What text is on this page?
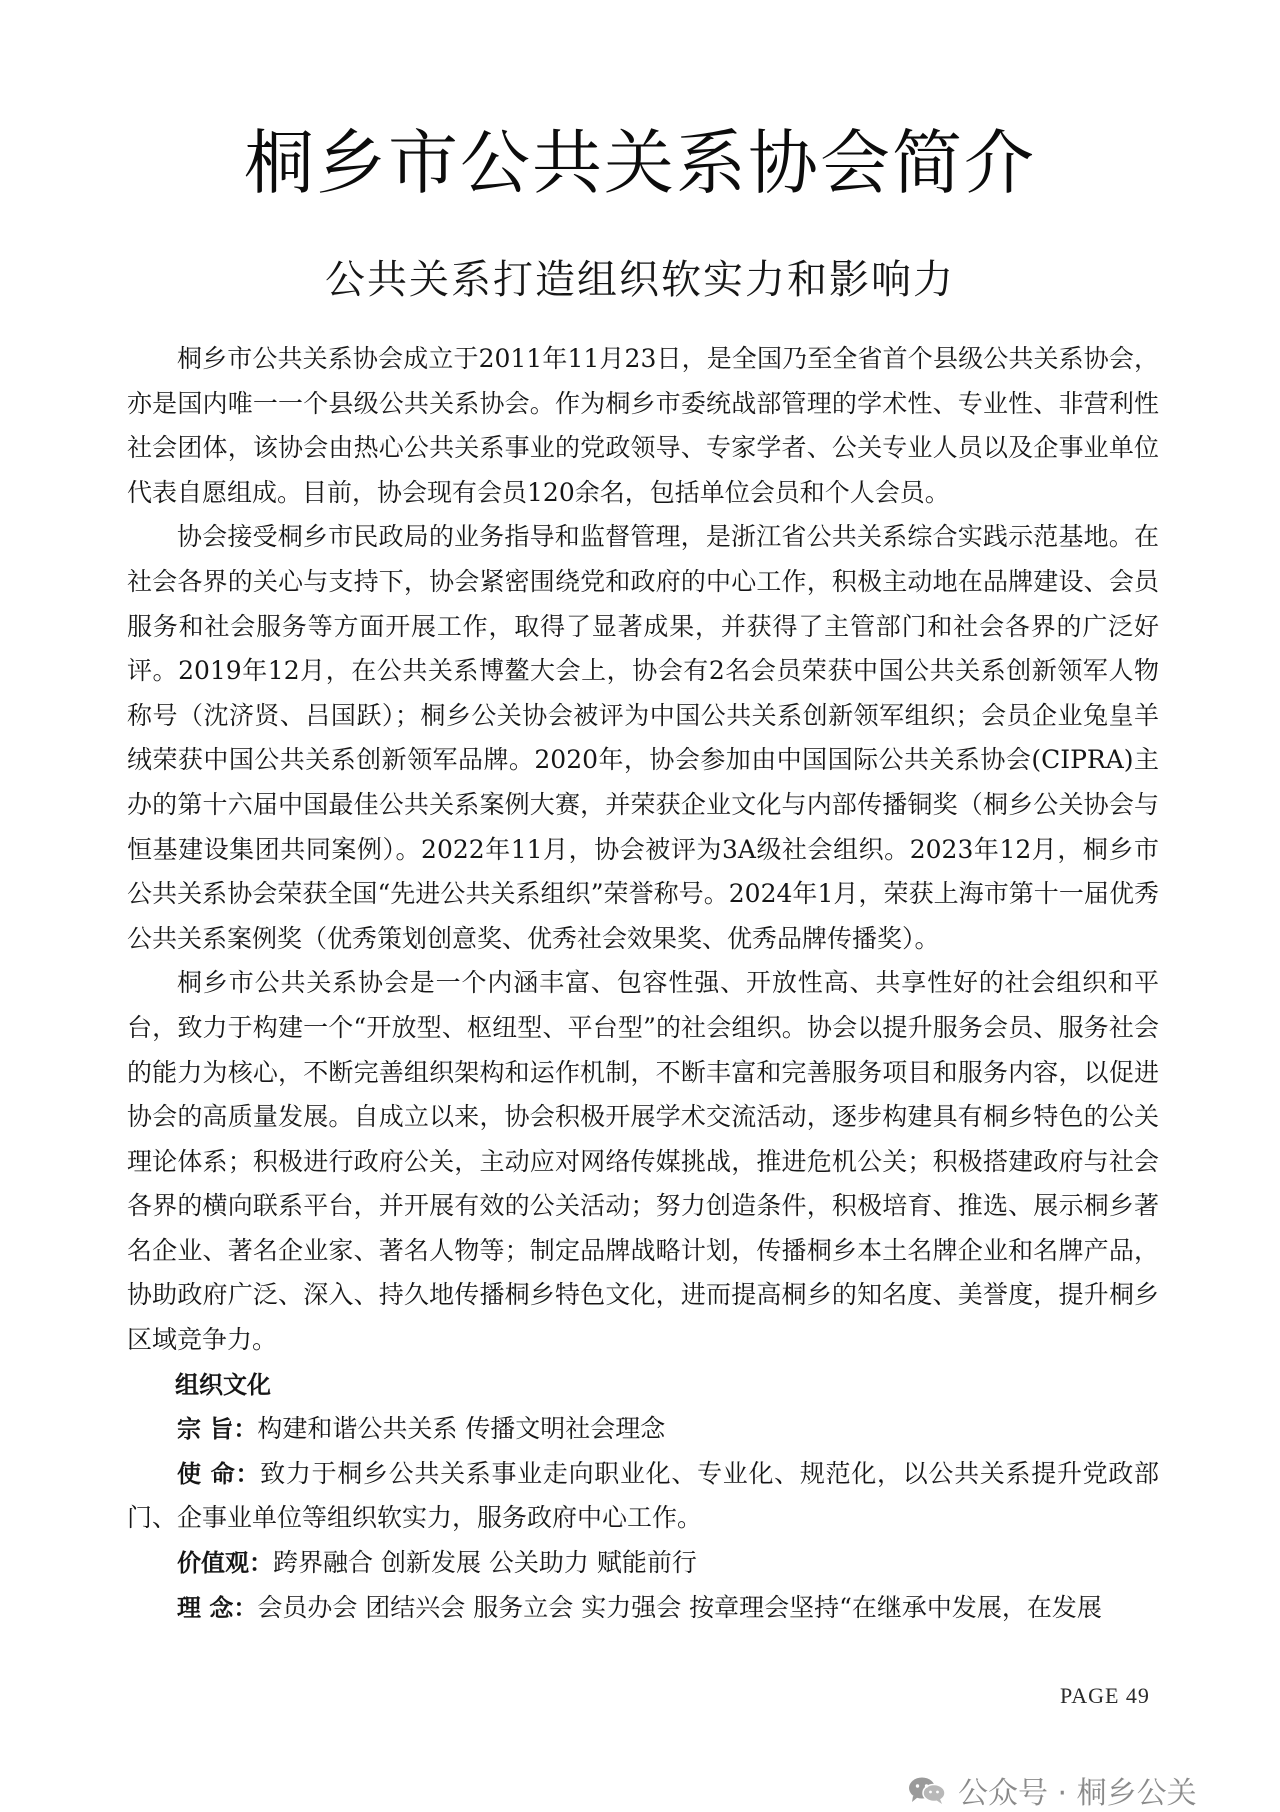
桐乡市公共关系协会简介
公共关系打造组织软实力和影响力

桐乡市公共关系协会成立于2011年11月23日，是全国乃至全省首个县级公共关系协会，亦是国内唯一一个县级公共关系协会。作为桐乡市委统战部管理的学术性、专业性、非营利性社会团体，该协会由热心公共关系事业的党政领导、专家学者、公关专业人员以及企事业单位代表自愿组成。目前，协会现有会员120余名，包括单位会员和个人会员。

协会接受桐乡市民政局的业务指导和监督管理，是浙江省公共关系综合实践示范基地。在社会各界的关心与支持下，协会紧密围绕党和政府的中心工作，积极主动地在品牌建设、会员服务和社会服务等方面开展工作，取得了显著成果，并获得了主管部门和社会各界的广泛好评。2019年12月，在公共关系博鳌大会上，协会有2名会员荣获中国公共关系创新领军人物称号（沈济贤、吕国跃）；桐乡公关协会被评为中国公共关系创新领军组织；会员企业兔皇羊绒荣获中国公共关系创新领军品牌。2020年，协会参加由中国国际公共关系协会(CIPRA)主办的第十六届中国最佳公共关系案例大赛，并荣获企业文化与内部传播铜奖（桐乡公关协会与恒基建设集团共同案例）。2022年11月，协会被评为3A级社会组织。2023年12月，桐乡市公共关系协会荣获全国“先进公共关系组织”荣誉称号。2024年1月，荣获上海市第十一届优秀公共关系案例奖（优秀策划创意奖、优秀社会效果奖、优秀品牌传播奖）。

桐乡市公共关系协会是一个内涵丰富、包容性强、开放性高、共享性好的社会组织和平台，致力于构建一个“开放型、枢纽型、平台型”的社会组织。协会以提升服务会员、服务社会的能力为核心，不断完善组织架构和运作机制，不断丰富和完善服务项目和服务内容，以促进协会的高质量发展。自成立以来，协会积极开展学术交流活动，逐步构建具有桐乡特色的公关理论体系；积极进行政府公关，主动应对网络传媒挑战，推进危机公关；积极搭建政府与社会各界的横向联系平台，并开展有效的公关活动；努力创造条件，积极培育、推选、展示桐乡著名企业、著名企业家、著名人物等；制定品牌战略计划，传播桐乡本土名牌企业和名牌产品，协助政府广泛、深入、持久地传播桐乡特色文化，进而提高桐乡的知名度、美誉度，提升桐乡区域竞争力。

组织文化

宗 旨：构建和谐公共关系 传播文明社会理念

使 命：致力于桐乡公共关系事业走向职业化、专业化、规范化，以公共关系提升党政部门、企事业单位等组织软实力，服务政府中心工作。

价值观：跨界融合 创新发展 公关助力 赋能前行

理 念：会员办会 团结兴会 服务立会 实力强会 按章理会坚持“在继承中发展，在发展

PAGE 49
公众号 · 桐乡公关
